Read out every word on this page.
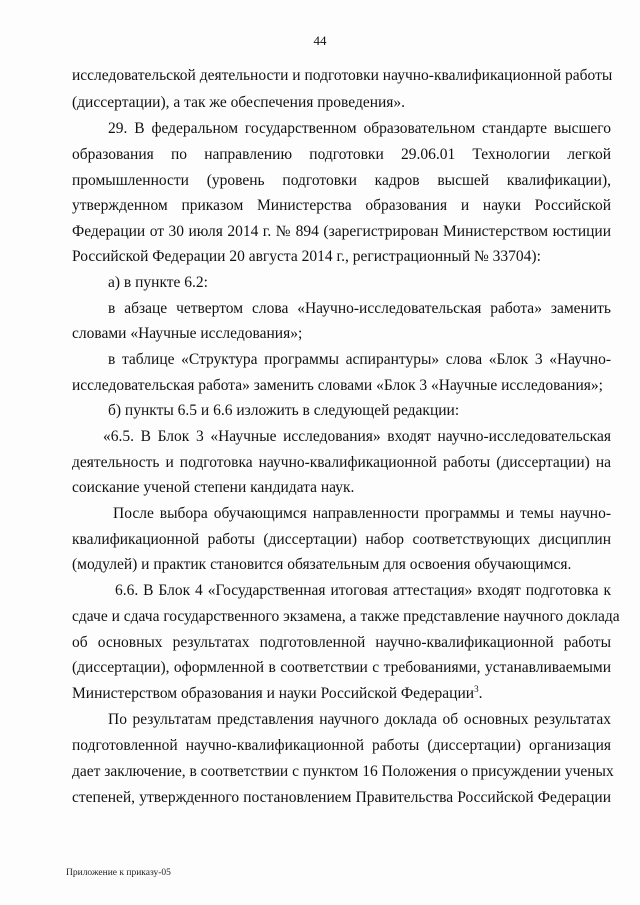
44
исследовательской деятельности и подготовки научно-квалификационной работы
(диссертации), а так же обеспечения проведения».
29. В федеральном государственном образовательном стандарте высшего
образования по направлению подготовки 29.06.01 Технологии легкой
промышленности (уровень подготовки кадров высшей квалификации),
утвержденном приказом Министерства образования и науки Российской
Федерации от 30 июля 2014 г. № 894 (зарегистрирован Министерством юстиции
Российской Федерации 20 августа 2014 г., регистрационный № 33704):
а) в пункте 6.2:
в абзаце четвертом слова «Научно-исследовательская работа» заменить
словами «Научные исследования»;
в таблице «Структура программы аспирантуры» слова «Блок 3 «Научно-
исследовательская работа» заменить словами «Блок 3 «Научные исследования»;
б) пункты 6.5 и 6.6 изложить в следующей редакции:
«6.5. В Блок 3 «Научные исследования» входят научно-исследовательская
деятельность и подготовка научно-квалификационной работы (диссертации) на
соискание ученой степени кандидата наук.
После выбора обучающимся направленности программы и темы научно-
квалификационной работы (диссертации) набор соответствующих дисциплин
(модулей) и практик становится обязательным для освоения обучающимся.
6.6. В Блок 4 «Государственная итоговая аттестация» входят подготовка к
сдаче и сдача государственного экзамена, а также представление научного доклада
об основных результатах подготовленной научно-квалификационной работы
(диссертации), оформленной в соответствии с требованиями, устанавливаемыми
Министерством образования и науки Российской Федерации$^3$.
По результатам представления научного доклада об основных результатах
подготовленной научно-квалификационной работы (диссертации) организация
дает заключение, в соответствии с пунктом 16 Положения о присуждении ученых
степеней, утвержденного постановлением Правительства Российской Федерации
Приложение к приказу-05
